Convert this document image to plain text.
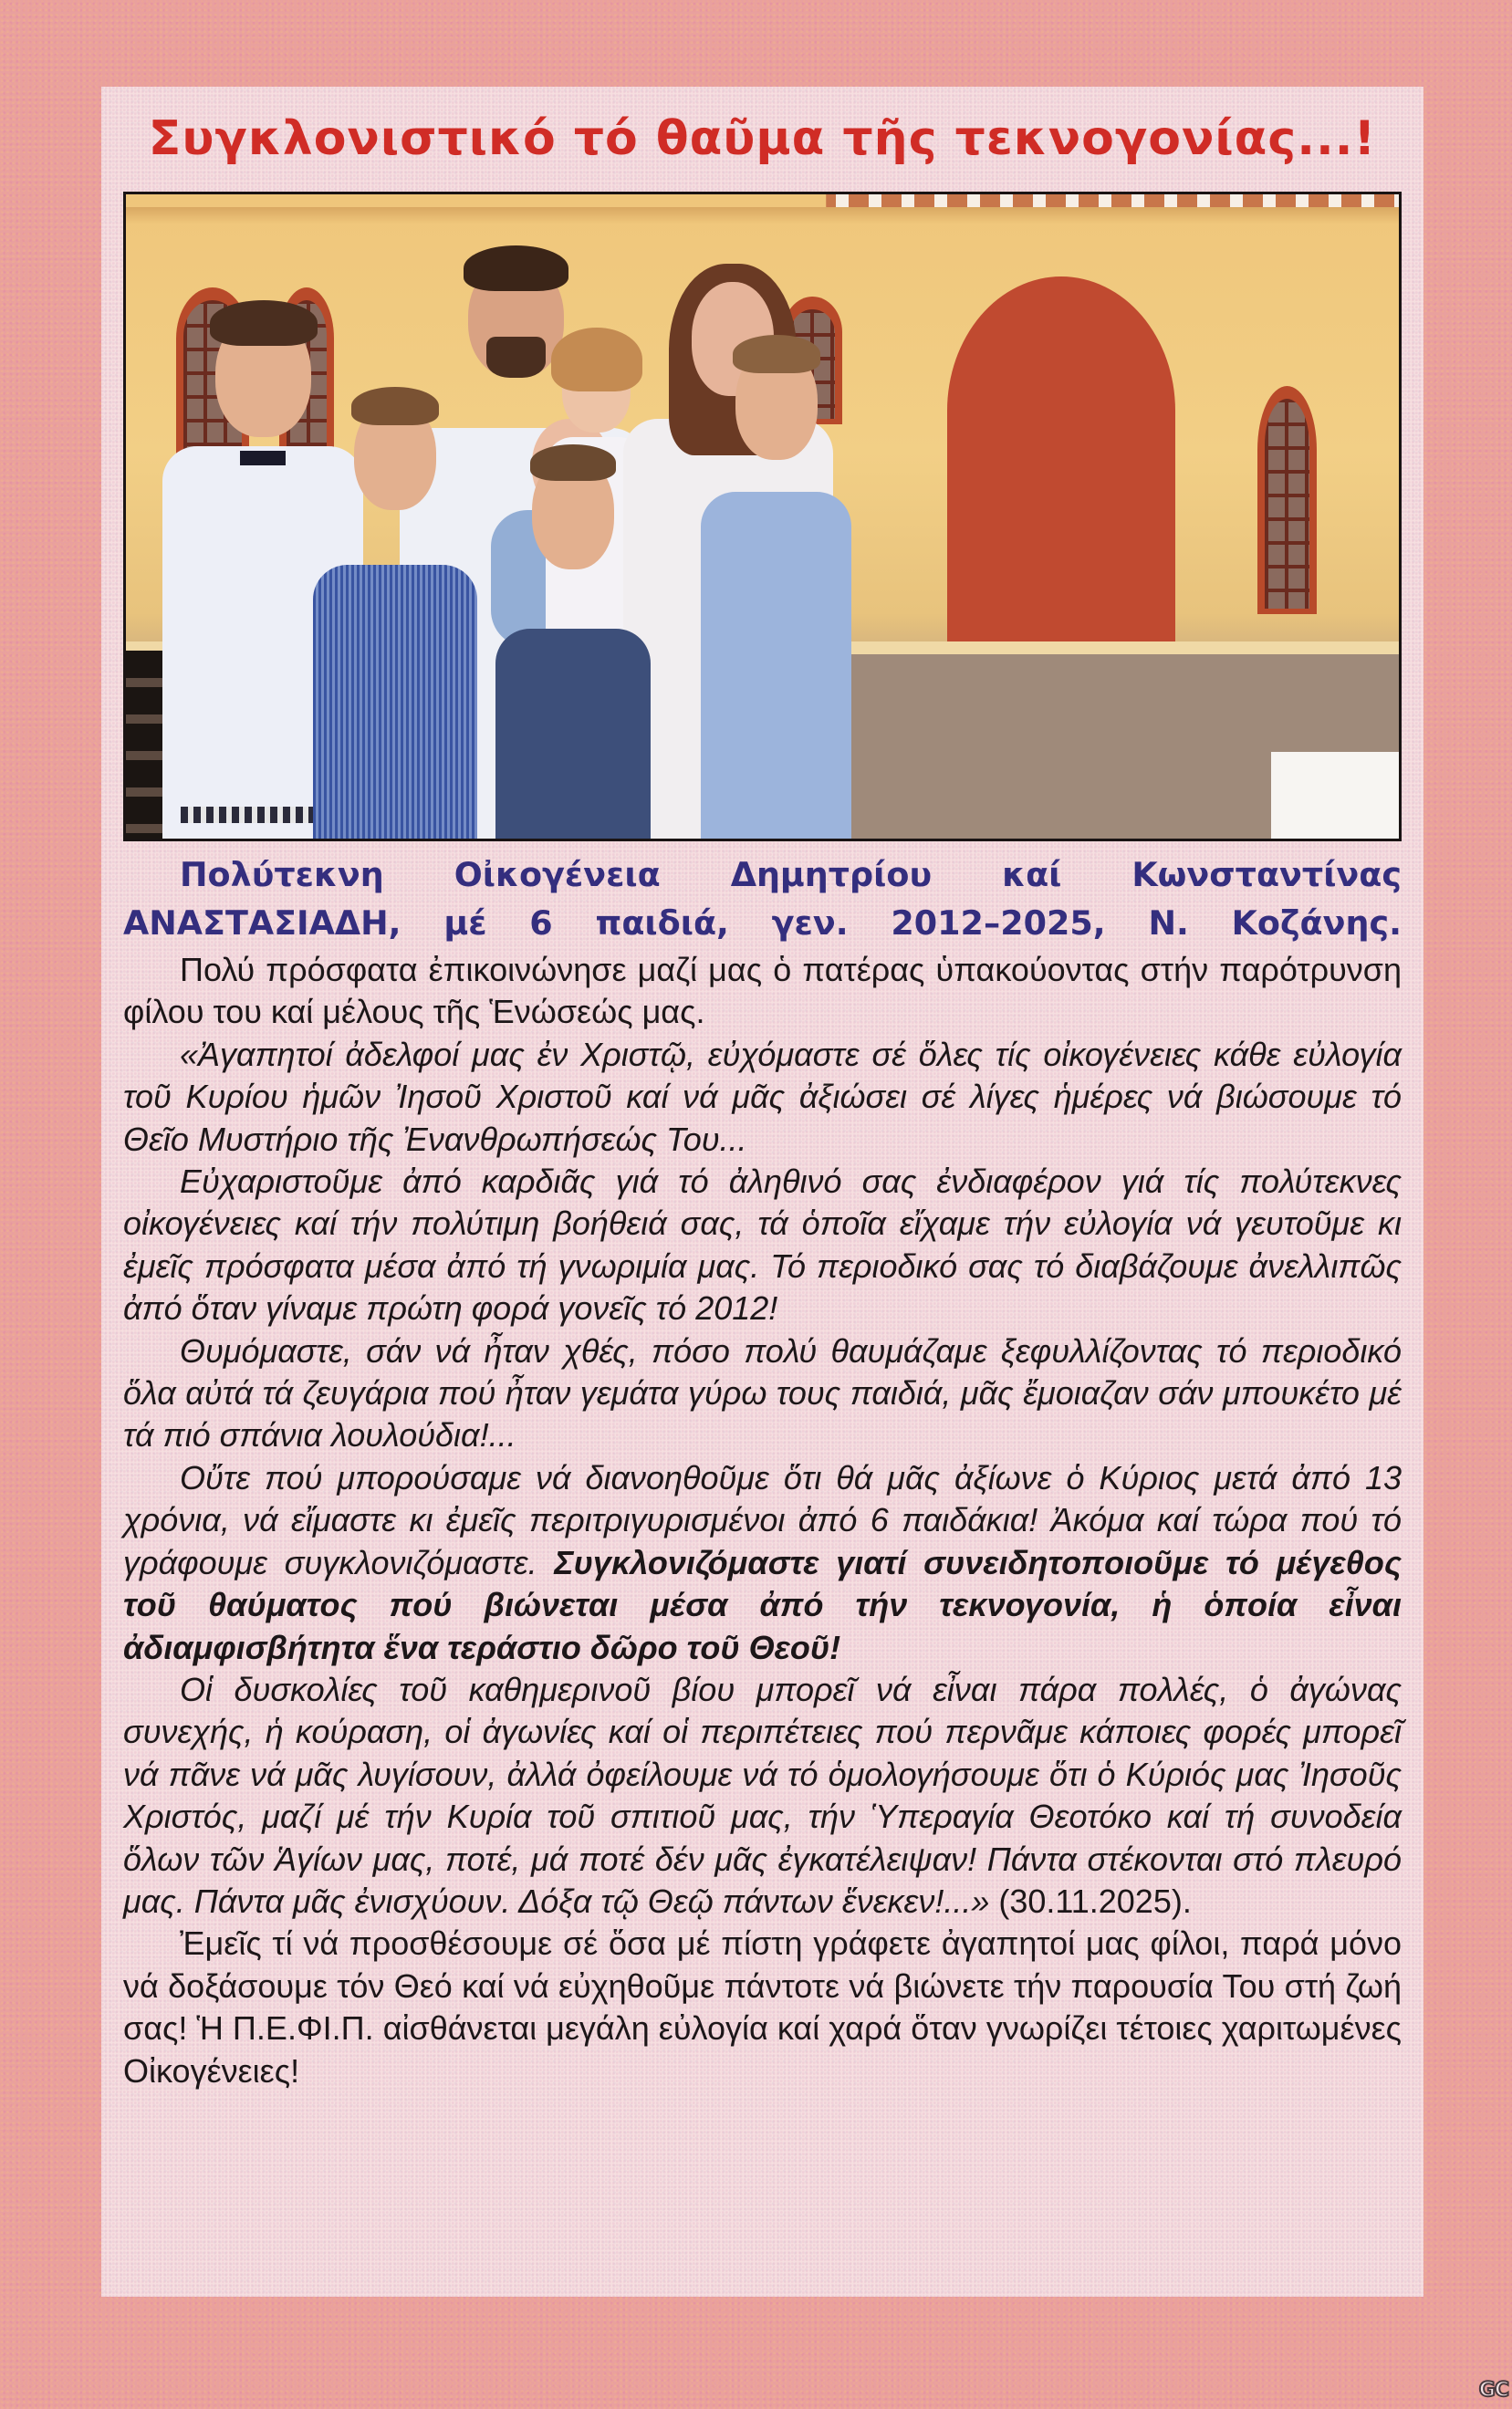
Συγκλονιστικό τό θαῦμα τῆς τεκνογονίας...!

Πολύτεκνη Οἰκογένεια Δημητρίου καί Κωνσταντίνας
ΑΝΑΣΤΑΣΙΑΔΗ, μέ 6 παιδιά, γεν. 2012–2025, Ν. Κοζάνης.

Πολύ πρόσφατα ἐπικοινώνησε μαζί μας ὁ πατέρας ὑπακούοντας στήν παρότρυνση φίλου του καί μέλους τῆς Ἑνώσεώς μας.

«Ἀγαπητοί ἀδελφοί μας ἐν Χριστῷ, εὐχόμαστε σέ ὅλες τίς οἰκογένειες κάθε εὐλογία τοῦ Κυρίου ἡμῶν Ἰησοῦ Χριστοῦ καί νά μᾶς ἀξιώσει σέ λίγες ἡμέρες νά βιώσουμε τό Θεῖο Μυστήριο τῆς Ἐνανθρωπήσεώς Του...

Εὐχαριστοῦμε ἀπό καρδιᾶς γιά τό ἀληθινό σας ἐνδιαφέρον γιά τίς πολύτεκνες οἰκογένειες καί τήν πολύτιμη βοήθειά σας, τά ὁποῖα εἴχαμε τήν εὐλογία νά γευτοῦμε κι ἐμεῖς πρόσφατα μέσα ἀπό τή γνωριμία μας. Τό περιοδικό σας τό διαβάζουμε ἀνελλιπῶς ἀπό ὅταν γίναμε πρώτη φορά γονεῖς τό 2012!

Θυμόμαστε, σάν νά ἦταν χθές, πόσο πολύ θαυμάζαμε ξεφυλλίζοντας τό περιοδικό ὅλα αὐτά τά ζευγάρια πού ἦταν γεμάτα γύρω τους παιδιά, μᾶς ἔμοιαζαν σάν μπουκέτο μέ τά πιό σπάνια λουλούδια!...

Οὔτε πού μπορούσαμε νά διανοηθοῦμε ὅτι θά μᾶς ἀξίωνε ὁ Κύριος μετά ἀπό 13 χρόνια, νά εἴμαστε κι ἐμεῖς περιτριγυρισμένοι ἀπό 6 παιδάκια! Ἀκόμα καί τώρα πού τό γράφουμε συγκλονιζόμαστε. Συγκλονιζόμαστε γιατί συνειδητοποιοῦμε τό μέγεθος τοῦ θαύματος πού βιώνεται μέσα ἀπό τήν τεκνογονία, ἡ ὁποία εἶναι ἀδιαμφισβήτητα ἕνα τεράστιο δῶρο τοῦ Θεοῦ!

Οἱ δυσκολίες τοῦ καθημερινοῦ βίου μπορεῖ νά εἶναι πάρα πολλές, ὁ ἀγώνας συνεχής, ἡ κούραση, οἱ ἀγωνίες καί οἱ περιπέτειες πού περνᾶμε κάποιες φορές μπορεῖ νά πᾶνε νά μᾶς λυγίσουν, ἀλλά ὀφείλουμε νά τό ὁμολογήσουμε ὅτι ὁ Κύριός μας Ἰησοῦς Χριστός, μαζί μέ τήν Κυρία τοῦ σπιτιοῦ μας, τήν Ὑπεραγία Θεοτόκο καί τή συνοδεία ὅλων τῶν Ἁγίων μας, ποτέ, μά ποτέ δέν μᾶς ἐγκατέλειψαν! Πάντα στέκονται στό πλευρό μας. Πάντα μᾶς ἐνισχύουν. Δόξα τῷ Θεῷ πάντων ἕνεκεν!...» (30.11.2025).

Ἐμεῖς τί νά προσθέσουμε σέ ὅσα μέ πίστη γράφετε ἀγαπητοί μας φίλοι, παρά μόνο νά δοξάσουμε τόν Θεό καί νά εὐχηθοῦμε πάντοτε νά βιώνετε τήν παρουσία Του στή ζωή σας! Ἡ Π.Ε.ΦΙ.Π. αἰσθάνεται μεγάλη εὐλογία καί χαρά ὅταν γνωρίζει τέτοιες χαριτωμένες Οἰκογένειες!

GC
